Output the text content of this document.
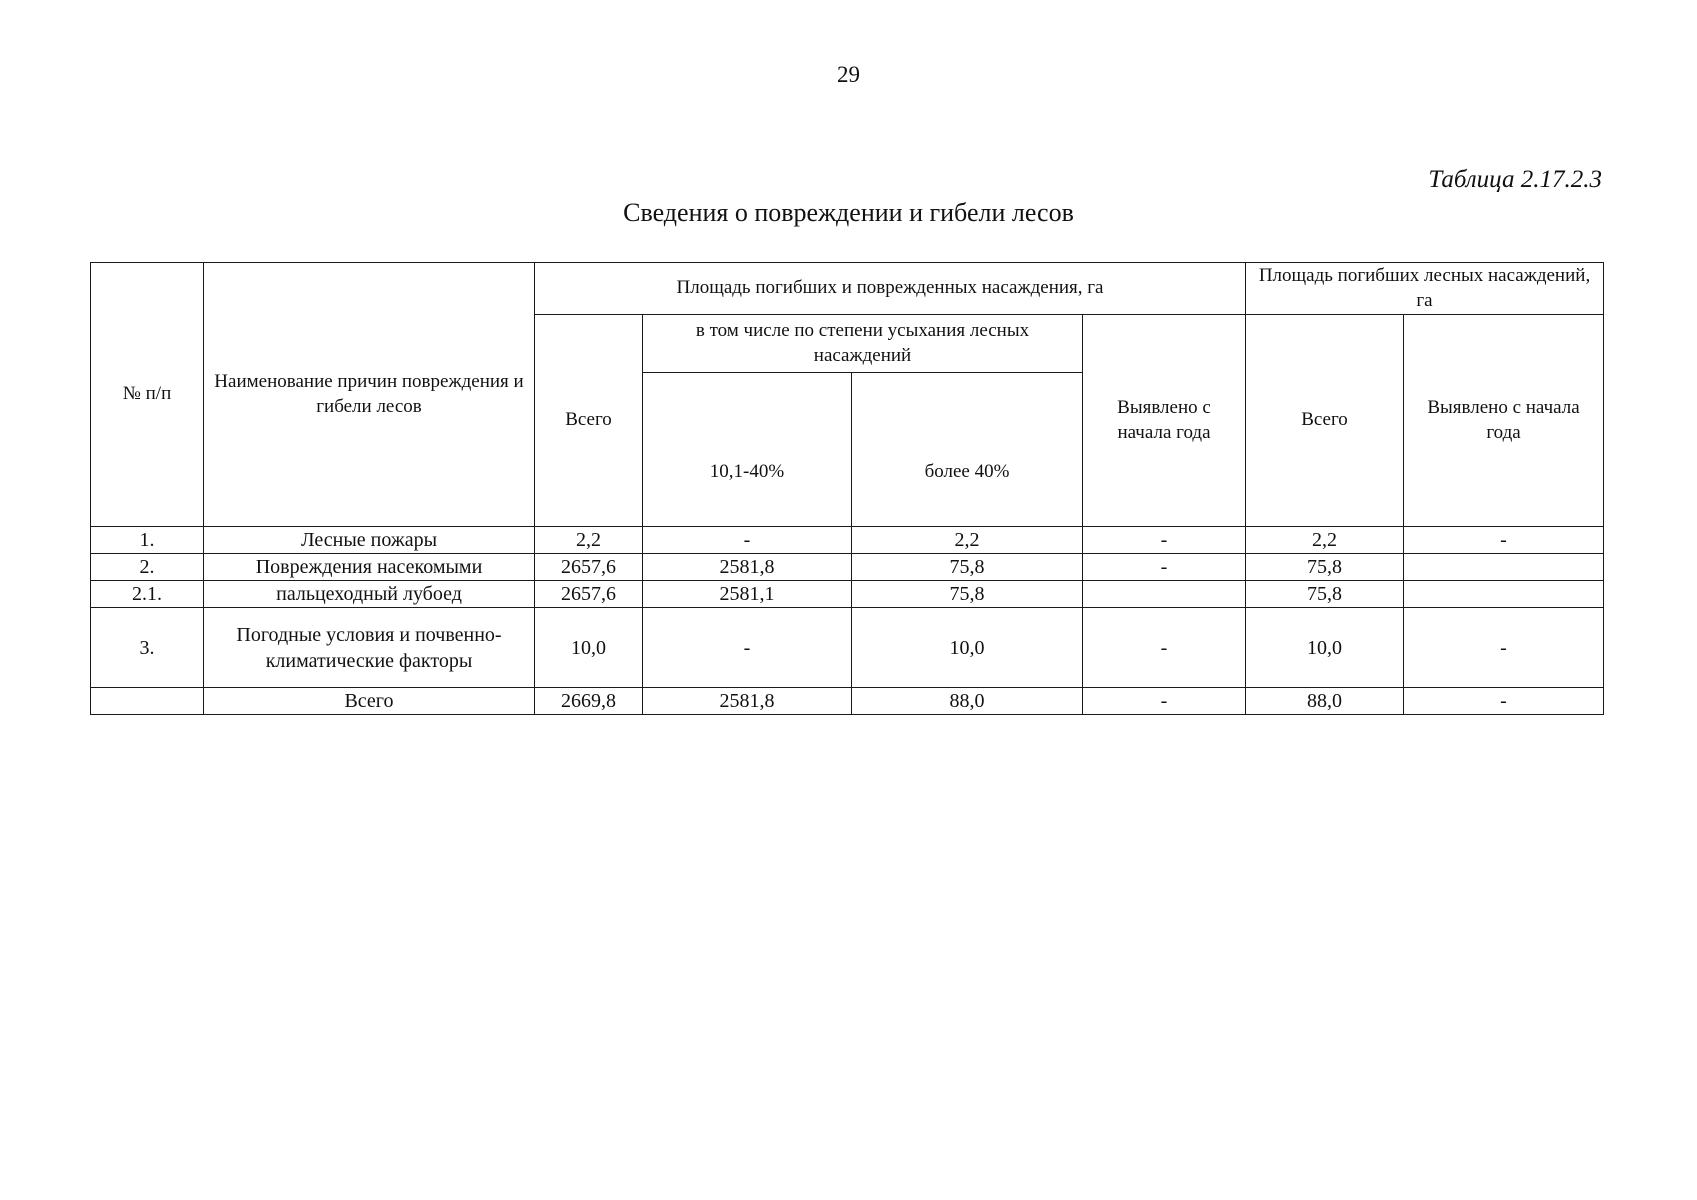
29
Таблица 2.17.2.3
Сведения о повреждении и гибели лесов
№ п/п	Наименование причин повреждения и гибели лесов	Площадь погибших и поврежденных насаждения, га				Площадь погибших лесных насаждений, га	
		Всего	в том числе по степени усыхания лесных насаждений		Выявлено с начала года	Всего	Выявлено с начала года
			10,1-40%	более 40%			
1.	Лесные пожары	2,2	-	2,2	-	2,2	-
2.	Повреждения насекомыми	2657,6	2581,8	75,8	-	75,8	
2.1.	пальцеходный лубоед	2657,6	2581,1	75,8		75,8	
3.	Погодные условия и почвенно-климатические факторы	10,0	-	10,0	-	10,0	-
	Всего	2669,8	2581,8	88,0	-	88,0	-
